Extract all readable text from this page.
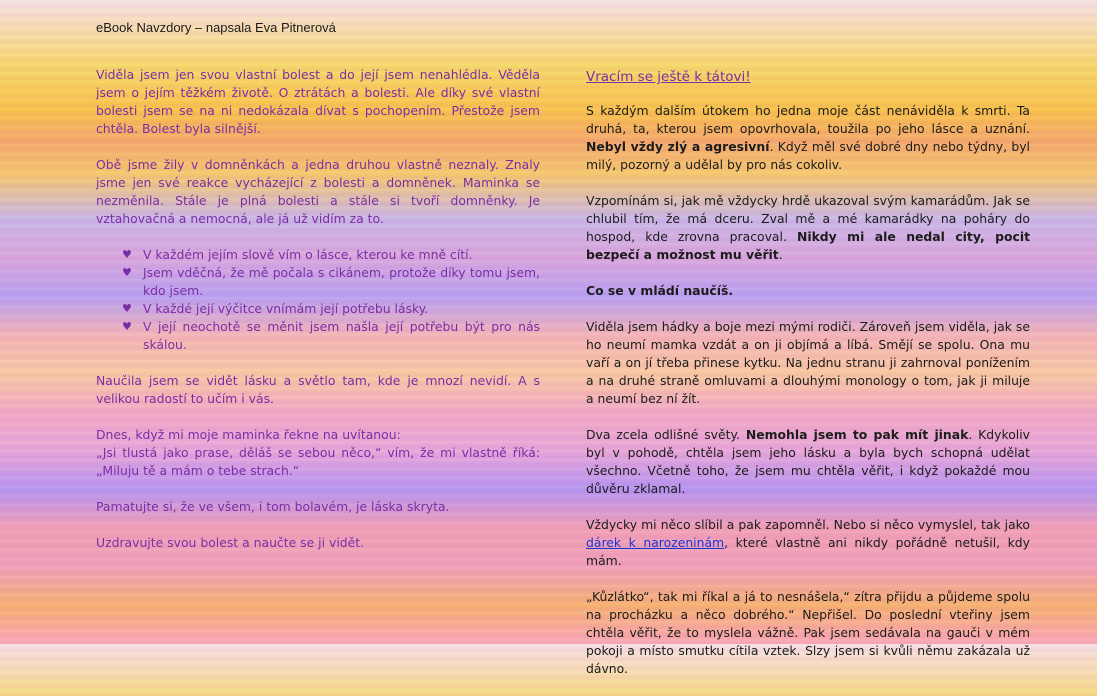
eBook Navzdory – napsala Eva Pitnerová

Viděla jsem jen svou vlastní bolest a do její jsem nenahlédla. Věděla jsem o jejím těžkém životě. O ztrátách a bolesti. Ale díky své vlastní bolesti jsem se na ni nedokázala dívat s pochopením. Přestože jsem chtěla. Bolest byla silnější.

Obě jsme žily v domněnkách a jedna druhou vlastně neznaly. Znaly jsme jen své reakce vycházející z bolesti a domněnek. Maminka se nezměnila. Stále je plná bolesti a stále si tvoří domněnky. Je vztahovačná a nemocná, ale já už vidím za to.

♥ V každém jejím slově vím o lásce, kterou ke mně cítí.
♥ Jsem vděčná, že mě počala s cikánem, protože díky tomu jsem, kdo jsem.
♥ V každé její výčitce vnímám její potřebu lásky.
♥ V její neochotě se měnit jsem našla její potřebu být pro nás skálou.

Naučila jsem se vidět lásku a světlo tam, kde je mnozí nevidí. A s velikou radostí to učím i vás.

Dnes, když mi moje maminka řekne na uvítanou:

„Jsi tlustá jako prase, děláš se sebou něco,“ vím, že mi vlastně říká: „Miluju tě a mám o tebe strach.“

Pamatujte si, že ve všem, i tom bolavém, je láska skryta.

Uzdravujte svou bolest a naučte se ji vidět.

Vracím se ještě k tátovi!

S každým dalším útokem ho jedna moje část nenáviděla k smrti. Ta druhá, ta, kterou jsem opovrhovala, toužila po jeho lásce a uznání. Nebyl vždy zlý a agresivní. Když měl své dobré dny nebo týdny, byl milý, pozorný a udělal by pro nás cokoliv.

Vzpomínám si, jak mě vždycky hrdě ukazoval svým kamarádům. Jak se chlubil tím, že má dceru. Zval mě a mé kamarádky na poháry do hospod, kde zrovna pracoval. Nikdy mi ale nedal city, pocit bezpečí a možnost mu věřit.

Co se v mládí naučíš.

Viděla jsem hádky a boje mezi mými rodiči. Zároveň jsem viděla, jak se ho neumí mamka vzdát a on ji objímá a líbá. Smějí se spolu. Ona mu vaří a on jí třeba přinese kytku. Na jednu stranu ji zahrnoval ponížením a na druhé straně omluvami a dlouhými monology o tom, jak ji miluje a neumí bez ní žít.

Dva zcela odlišné světy. Nemohla jsem to pak mít jinak. Kdykoliv byl v pohodě, chtěla jsem jeho lásku a byla bych schopná udělat všechno. Včetně toho, že jsem mu chtěla věřit, i když pokaždé mou důvěru zklamal.

Vždycky mi něco slíbil a pak zapomněl. Nebo si něco vymyslel, tak jako dárek k narozeninám, které vlastně ani nikdy pořádně netušil, kdy mám.

„Kůzlátko“, tak mi říkal a já to nesnášela,“ zítra přijdu a půjdeme spolu na procházku a něco dobrého.“ Nepřišel. Do poslední vteřiny jsem chtěla věřit, že to myslela vážně. Pak jsem sedávala na gauči v mém pokoji a místo smutku cítila vztek. Slzy jsem si kvůli němu zakázala už dávno.
